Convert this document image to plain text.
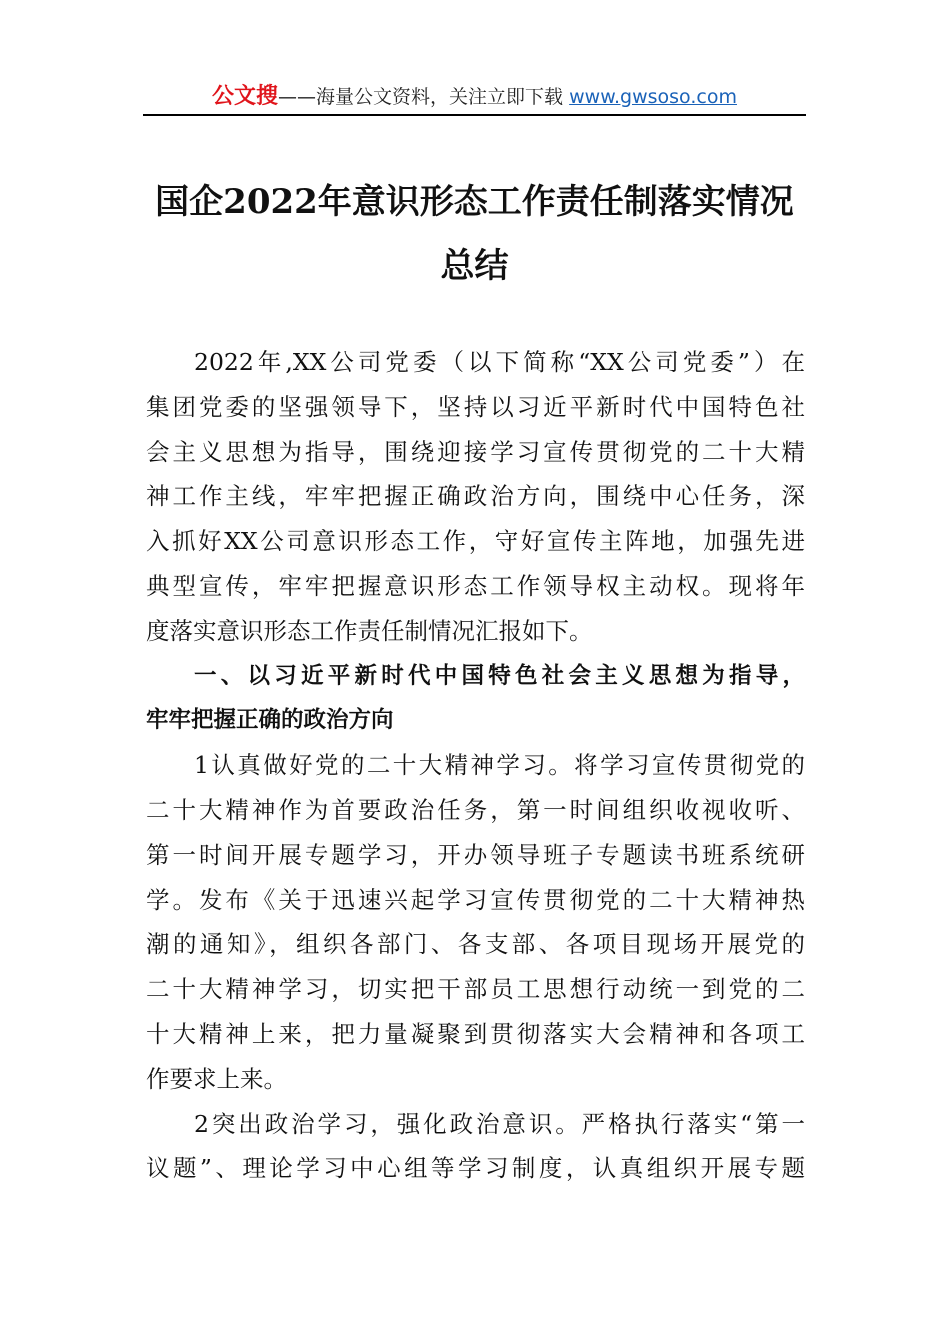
公文搜——海量公文资料，关注立即下载 www.gwsoso.com
国企2022年意识形态工作责任制落实情况
总结
2022年,XX公司党委（以下简称“XX公司党委”）在
集团党委的坚强领导下，坚持以习近平新时代中国特色社
会主义思想为指导，围绕迎接学习宣传贯彻党的二十大精
神工作主线，牢牢把握正确政治方向，围绕中心任务，深
入抓好XX公司意识形态工作，守好宣传主阵地，加强先进
典型宣传，牢牢把握意识形态工作领导权主动权。现将年
度落实意识形态工作责任制情况汇报如下。
一、以习近平新时代中国特色社会主义思想为指导，
牢牢把握正确的政治方向
1认真做好党的二十大精神学习。将学习宣传贯彻党的
二十大精神作为首要政治任务，第一时间组织收视收听、
第一时间开展专题学习，开办领导班子专题读书班系统研
学。发布《关于迅速兴起学习宣传贯彻党的二十大精神热
潮的通知》，组织各部门、各支部、各项目现场开展党的
二十大精神学习，切实把干部员工思想行动统一到党的二
十大精神上来，把力量凝聚到贯彻落实大会精神和各项工
作要求上来。
2突出政治学习，强化政治意识。严格执行落实“第一
议题”、理论学习中心组等学习制度，认真组织开展专题
